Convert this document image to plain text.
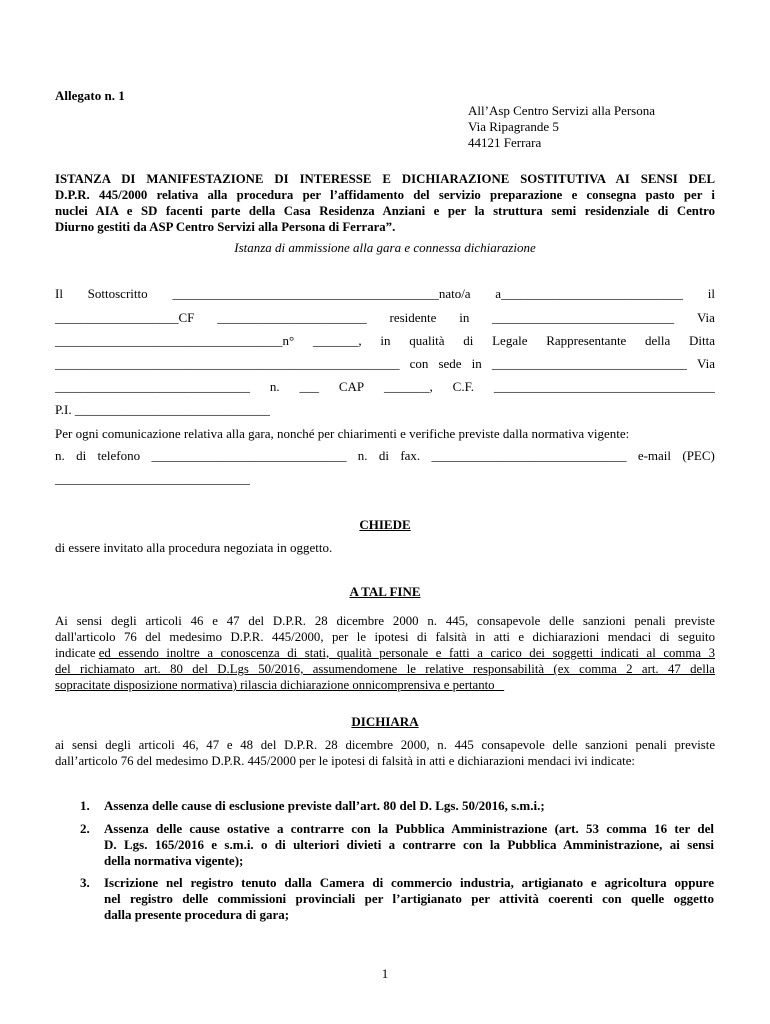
Allegato n. 1
All’Asp Centro Servizi alla Persona
Via Ripagrande 5
44121 Ferrara
ISTANZA DI MANIFESTAZIONE DI INTERESSE E DICHIARAZIONE SOSTITUTIVA AI SENSI DEL
D.P.R. 445/2000 relativa alla procedura per l’affidamento del servizio preparazione e consegna pasto per i
nuclei AIA e SD facenti parte della Casa Residenza Anziani e per la struttura semi residenziale di Centro
Diurno gestiti da ASP Centro Servizi alla Persona di Ferrara”.
Istanza di ammissione alla gara e connessa dichiarazione
Il Sottoscritto _________________________________________nato/a a____________________________ il
___________________CF _______________________ residente in ____________________________ Via
___________________________________n° _______, in qualità di Legale Rappresentante della Ditta
_____________________________________________________ con sede in ______________________________ Via
______________________________ n. ___ CAP _______, C.F. __________________________________
P.I. ______________________________
Per ogni comunicazione relativa alla gara, nonché per chiarimenti e verifiche previste dalla normativa vigente:
n. di telefono ______________________________ n. di fax. ______________________________ e-mail (PEC)
______________________________
CHIEDE
di essere invitato alla procedura negoziata in oggetto.
A TAL FINE
Ai sensi degli articoli 46 e 47 del D.P.R. 28 dicembre 2000 n. 445, consapevole delle sanzioni penali previste
dall'articolo 76 del medesimo D.P.R. 445/2000, per le ipotesi di falsità in atti e dichiarazioni mendaci di seguito
indicate ed essendo inoltre a conoscenza di stati, qualità personale e fatti a carico dei soggetti indicati al comma 3
del richiamato art. 80 del D.Lgs 50/2016, assumendomene le relative responsabilità (ex comma 2 art. 47 della
sopracitate disposizione normativa) rilascia dichiarazione onnicomprensiva e pertanto
DICHIARA
ai sensi degli articoli 46, 47 e 48 del D.P.R. 28 dicembre 2000, n. 445 consapevole delle sanzioni penali previste
dall’articolo 76 del medesimo D.P.R. 445/2000 per le ipotesi di falsità in atti e dichiarazioni mendaci ivi indicate:
1. Assenza delle cause di esclusione previste dall’art. 80 del D. Lgs. 50/2016, s.m.i.;
2. Assenza delle cause ostative a contrarre con la Pubblica Amministrazione (art. 53 comma 16 ter del
D. Lgs. 165/2016 e s.m.i. o di ulteriori divieti a contrarre con la Pubblica Amministrazione, ai sensi
della normativa vigente);
3. Iscrizione nel registro tenuto dalla Camera di commercio industria, artigianato e agricoltura oppure
nel registro delle commissioni provinciali per l’artigianato per attività coerenti con quelle oggetto
dalla presente procedura di gara;
1
